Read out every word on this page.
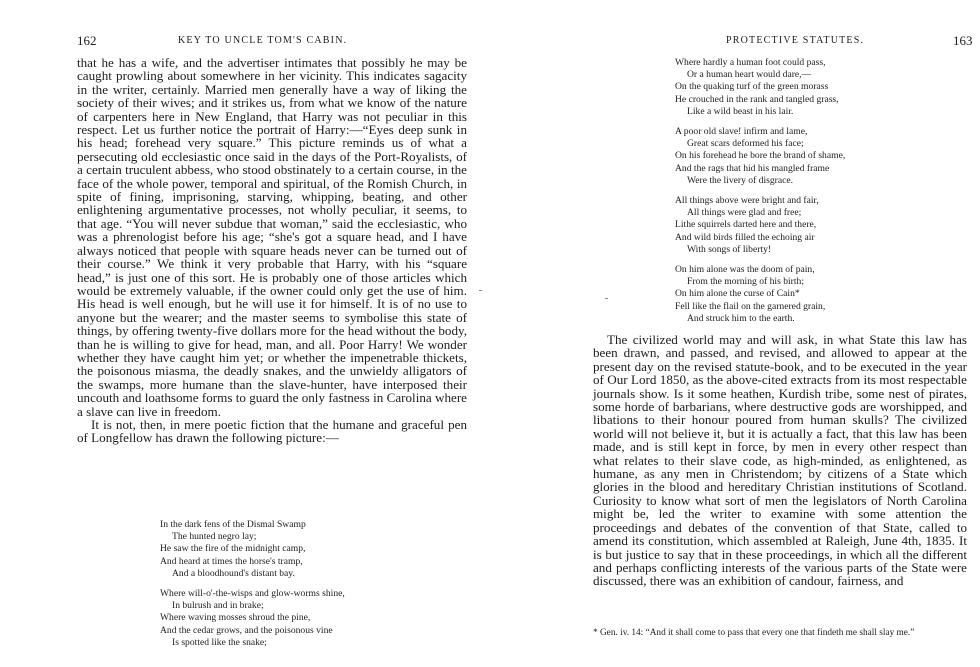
162	KEY TO UNCLE TOM'S CABIN.

that he has a wife, and the advertiser intimates that possibly he may be caught prowling about somewhere in her vicinity. This indicates sagacity in the writer, certainly. Married men generally have a way of liking the society of their wives; and it strikes us, from what we know of the nature of carpenters here in New England, that Harry was not peculiar in this respect. Let us further notice the portrait of Harry:—“Eyes deep sunk in his head; forehead very square.” This picture reminds us of what a persecuting old ecclesiastic once said in the days of the Port-Royalists, of a certain truculent abbess, who stood obstinately to a certain course, in the face of the whole power, temporal and spiritual, of the Romish Church, in spite of fining, imprisoning, starving, whipping, beating, and other enlightening argumentative processes, not wholly peculiar, it seems, to that age. “You will never subdue that woman,” said the ecclesiastic, who was a phrenologist before his age; “she's got a square head, and I have always noticed that people with square heads never can be turned out of their course.” We think it very probable that Harry, with his “square head,” is just one of this sort. He is probably one of those articles which would be extremely valuable, if the owner could only get the use of him. His head is well enough, but he will use it for himself. It is of no use to anyone but the wearer; and the master seems to symbolise this state of things, by offering twenty-five dollars more for the head without the body, than he is willing to give for head, man, and all. Poor Harry! We wonder whether they have caught him yet; or whether the impenetrable thickets, the poisonous miasma, the deadly snakes, and the unwieldy alligators of the swamps, more humane than the slave-hunter, have interposed their uncouth and loathsome forms to guard the only fastness in Carolina where a slave can live in freedom.

It is not, then, in mere poetic fiction that the humane and graceful pen of Longfellow has drawn the following picture:—

In the dark fens of the Dismal Swamp
The hunted negro lay;
He saw the fire of the midnight camp,
And heard at times the horse's tramp,
And a bloodhound's distant bay.
Where will-o'-the-wisps and glow-worms shine,
In bulrush and in brake;
Where waving mosses shroud the pine,
And the cedar grows, and the poisonous vine
Is spotted like the snake;
PROTECTIVE STATUTES.	163
Where hardly a human foot could pass,
Or a human heart would dare,—
On the quaking turf of the green morass
He crouched in the rank and tangled grass,
Like a wild beast in his lair.
A poor old slave! infirm and lame,
Great scars deformed his face;
On his forehead he bore the brand of shame,
And the rags that hid his mangled frame
Were the livery of disgrace.
All things above were bright and fair,
All things were glad and free;
Lithe squirrels darted here and there,
And wild birds filled the echoing air
With songs of liberty!
On him alone was the doom of pain,
From the morning of his birth;
On him alone the curse of Cain*
Fell like the flail on the garnered grain,
And struck him to the earth.

The civilized world may and will ask, in what State this law has been drawn, and passed, and revised, and allowed to appear at the present day on the revised statute-book, and to be executed in the year of Our Lord 1850, as the above-cited extracts from its most respectable journals show. Is it some heathen, Kurdish tribe, some nest of pirates, some horde of barbarians, where destructive gods are worshipped, and libations to their honour poured from human skulls? The civilized world will not believe it, but it is actually a fact, that this law has been made, and is still kept in force, by men in every other respect than what relates to their slave code, as high-minded, as enlightened, as humane, as any men in Christendom; by citizens of a State which glories in the blood and hereditary Christian institutions of Scotland. Curiosity to know what sort of men the legislators of North Carolina might be, led the writer to examine with some attention the proceedings and debates of the convention of that State, called to amend its constitution, which assembled at Raleigh, June 4th, 1835. It is but justice to say that in these proceedings, in which all the different and perhaps conflicting interests of the various parts of the State were discussed, there was an exhibition of candour, fairness, and

* Gen. iv. 14: “And it shall come to pass that every one that findeth me shall slay me.”
